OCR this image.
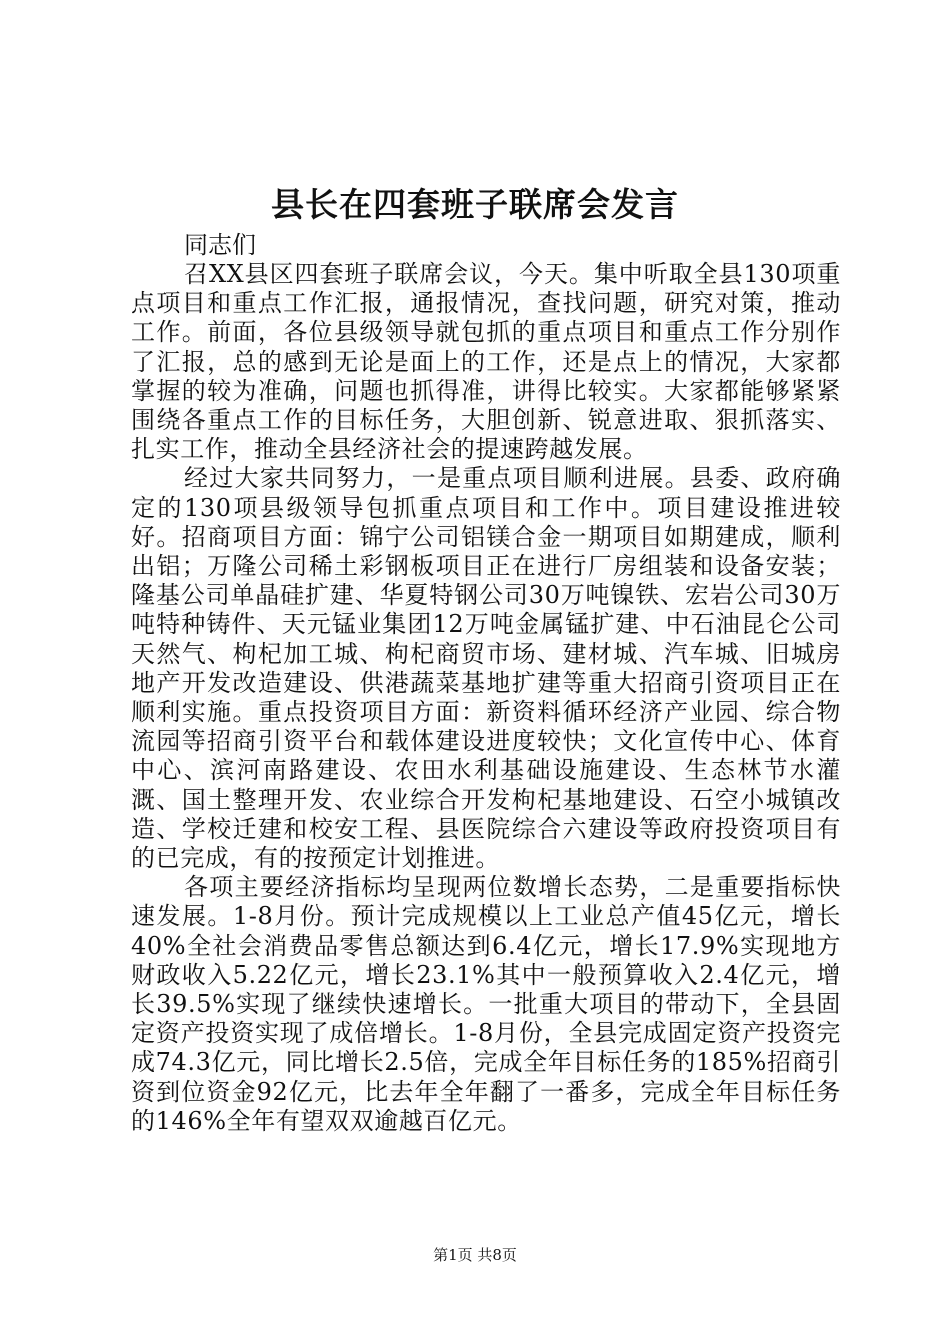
县长在四套班子联席会发言

同志们

召XX县区四套班子联席会议，今天。集中听取全县130项重点项目和重点工作汇报，通报情况，查找问题，研究对策，推动工作。前面，各位县级领导就包抓的重点项目和重点工作分别作了汇报，总的感到无论是面上的工作，还是点上的情况，大家都掌握的较为准确，问题也抓得准，讲得比较实。大家都能够紧紧围绕各重点工作的目标任务，大胆创新、锐意进取、狠抓落实、扎实工作，推动全县经济社会的提速跨越发展。

经过大家共同努力，一是重点项目顺利进展。县委、政府确定的130项县级领导包抓重点项目和工作中。项目建设推进较好。招商项目方面：锦宁公司铝镁合金一期项目如期建成，顺利出铝；万隆公司稀土彩钢板项目正在进行厂房组装和设备安装；隆基公司单晶硅扩建、华夏特钢公司30万吨镍铁、宏岩公司30万吨特种铸件、天元锰业集团12万吨金属锰扩建、中石油昆仑公司天然气、枸杞加工城、枸杞商贸市场、建材城、汽车城、旧城房地产开发改造建设、供港蔬菜基地扩建等重大招商引资项目正在顺利实施。重点投资项目方面：新资料循环经济产业园、综合物流园等招商引资平台和载体建设进度较快；文化宣传中心、体育中心、滨河南路建设、农田水利基础设施建设、生态林节水灌溉、国土整理开发、农业综合开发枸杞基地建设、石空小城镇改造、学校迁建和校安工程、县医院综合六建设等政府投资项目有的已完成，有的按预定计划推进。

各项主要经济指标均呈现两位数增长态势，二是重要指标快速发展。1-8月份。预计完成规模以上工业总产值45亿元，增长40%全社会消费品零售总额达到6.4亿元，增长17.9%实现地方财政收入5.22亿元，增长23.1%其中一般预算收入2.4亿元，增长39.5%实现了继续快速增长。一批重大项目的带动下，全县固定资产投资实现了成倍增长。1-8月份，全县完成固定资产投资完成74.3亿元，同比增长2.5倍，完成全年目标任务的185%招商引资到位资金92亿元，比去年全年翻了一番多，完成全年目标任务的146%全年有望双双逾越百亿元。

第1页 共8页
